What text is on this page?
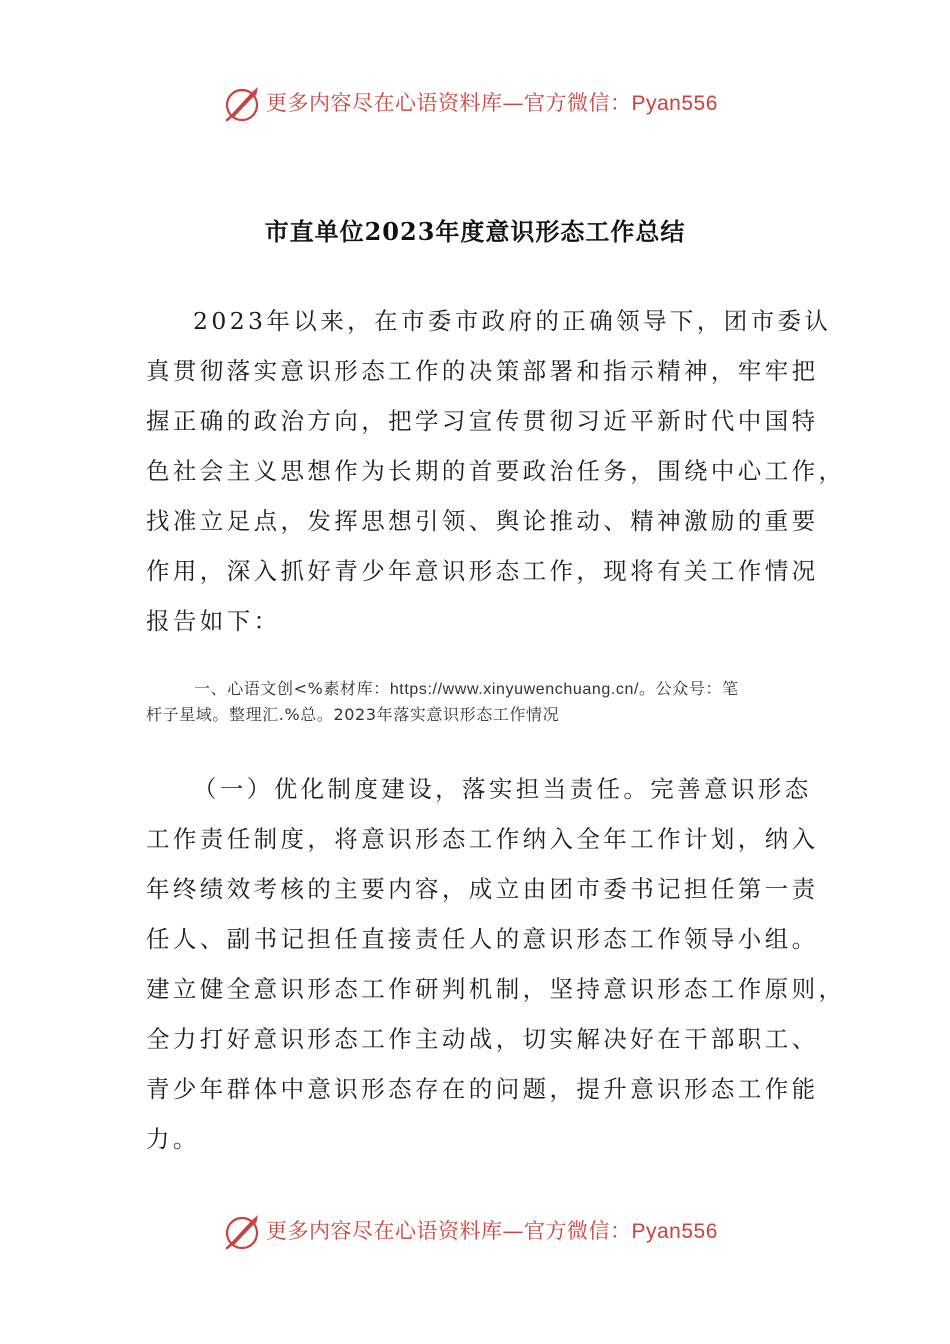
更多内容尽在心语资料库—官方微信：Pyan556
市直单位2023年度意识形态工作总结
2023年以来，在市委市政府的正确领导下，团市委认
真贯彻落实意识形态工作的决策部署和指示精神，牢牢把
握正确的政治方向，把学习宣传贯彻习近平新时代中国特
色社会主义思想作为长期的首要政治任务，围绕中心工作，
找准立足点，发挥思想引领、舆论推动、精神激励的重要
作用，深入抓好青少年意识形态工作，现将有关工作情况
报告如下：
一、心语文创<%素材库：https://www.xinyuwenchuang.cn/。公众号：笔
杆子星域。整理汇.%总。2023年落实意识形态工作情况
（一）优化制度建设，落实担当责任。完善意识形态
工作责任制度，将意识形态工作纳入全年工作计划，纳入
年终绩效考核的主要内容，成立由团市委书记担任第一责
任人、副书记担任直接责任人的意识形态工作领导小组。
建立健全意识形态工作研判机制，坚持意识形态工作原则，
全力打好意识形态工作主动战，切实解决好在干部职工、
青少年群体中意识形态存在的问题，提升意识形态工作能
力。
更多内容尽在心语资料库—官方微信：Pyan556
